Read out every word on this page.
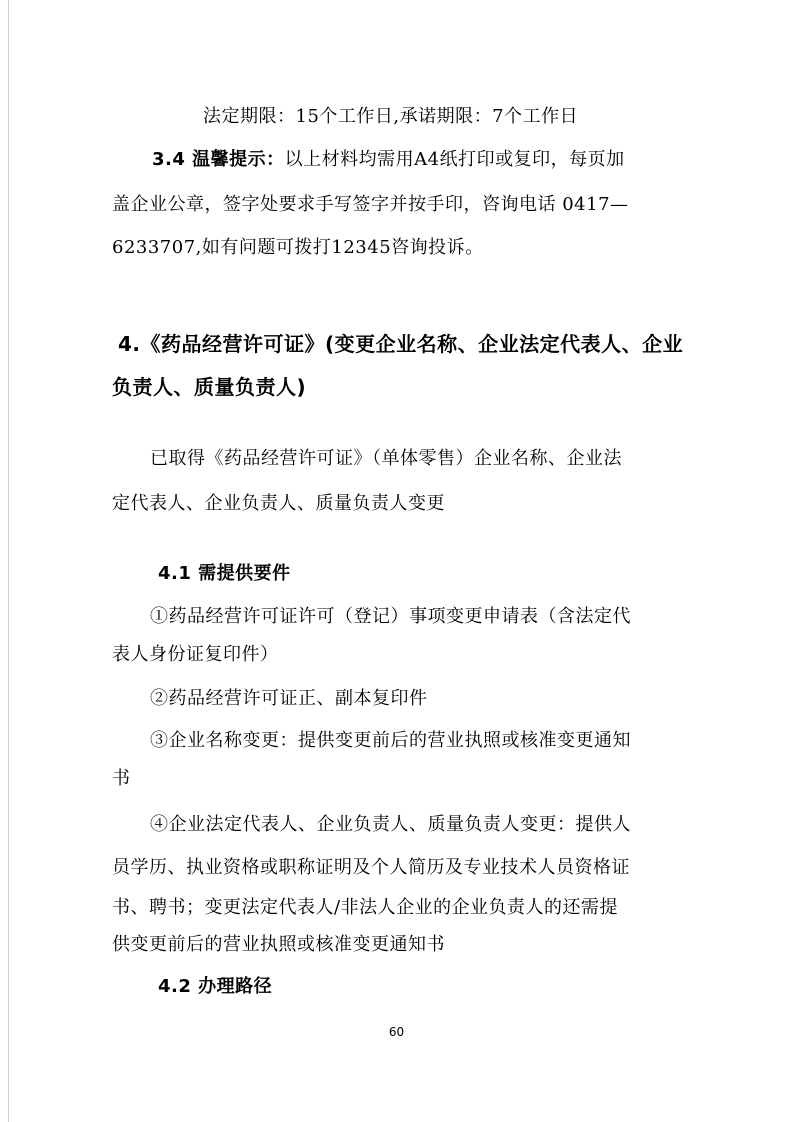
法定期限：15个工作日,承诺期限：7个工作日
3.4 温馨提示：以上材料均需用A4纸打印或复印，每页加
盖企业公章，签字处要求手写签字并按手印，咨询电话 0417—
6233707,如有问题可拨打12345咨询投诉。
4.《药品经营许可证》(变更企业名称、企业法定代表人、企业
负责人、质量负责人)
已取得《药品经营许可证》（单体零售）企业名称、企业法
定代表人、企业负责人、质量负责人变更
4.1 需提供要件
①药品经营许可证许可（登记）事项变更申请表（含法定代
表人身份证复印件）
②药品经营许可证正、副本复印件
③企业名称变更：提供变更前后的营业执照或核准变更通知
书
④企业法定代表人、企业负责人、质量负责人变更：提供人
员学历、执业资格或职称证明及个人简历及专业技术人员资格证
书、聘书；变更法定代表人/非法人企业的企业负责人的还需提
供变更前后的营业执照或核准变更通知书
4.2 办理路径
60
